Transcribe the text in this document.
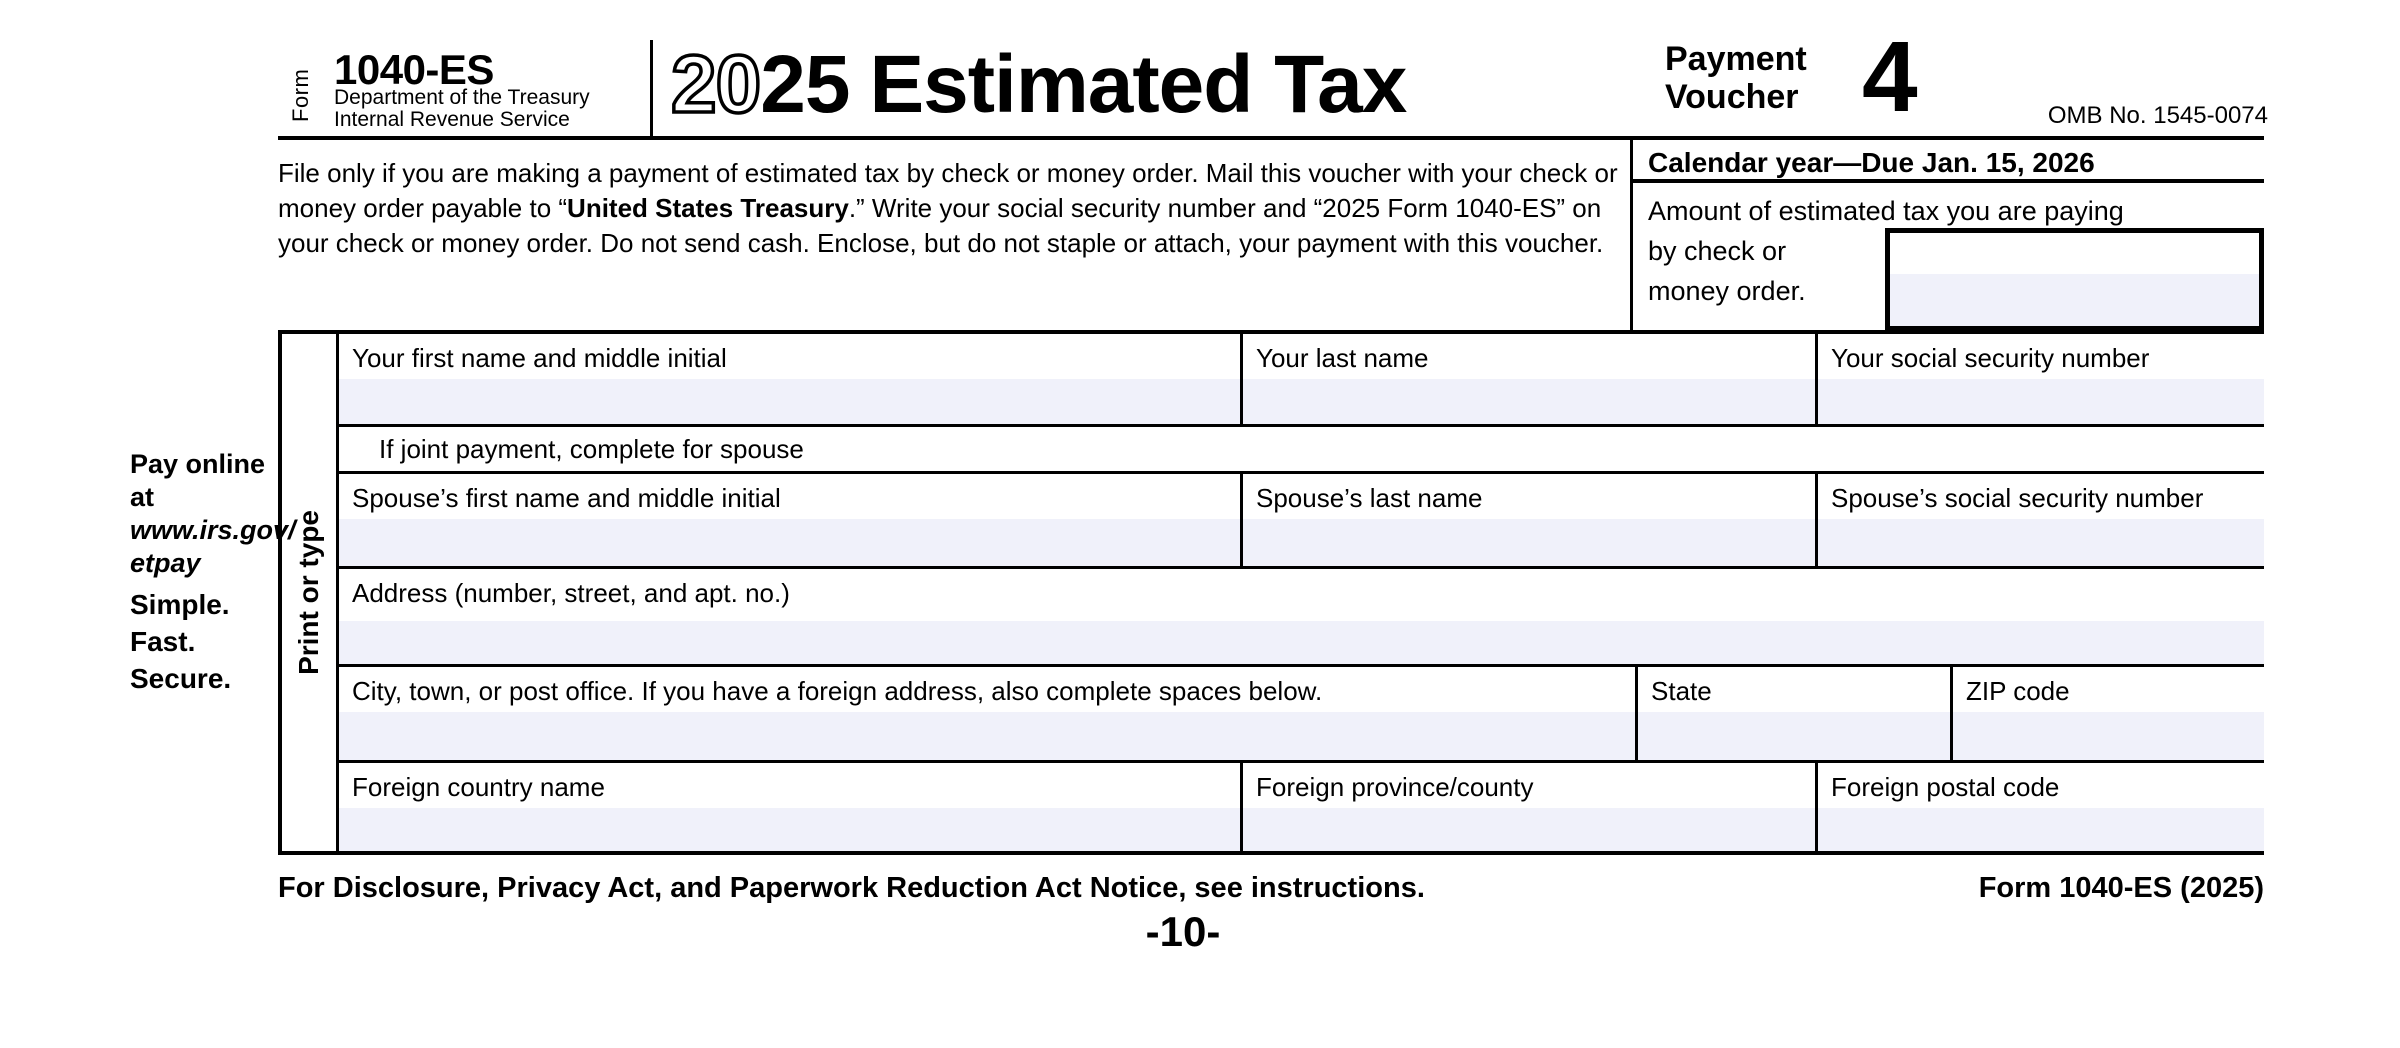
Form 1040-ES
Department of the Treasury
Internal Revenue Service 2025 Estimated Tax	Payment
Voucher 4	OMB No. 1545-0074
File only if you are making a payment of estimated tax by check or money order. Mail this voucher with your check or money order payable to “United States Treasury.” Write your social security number and “2025 Form 1040-ES” on your check or money order. Do not send cash. Enclose, but do not staple or attach, your payment with this voucher.
Calendar year—Due Jan. 15, 2026
Amount of estimated tax you are paying
by check or
money order.
Pay online at
www.irs.gov/
etpay
Simple.
Fast.
Secure.
Print or type
Your first name and middle initial	Your last name	Your social security number
If joint payment, complete for spouse
Spouse’s first name and middle initial	Spouse’s last name	Spouse’s social security number
Address (number, street, and apt. no.)
City, town, or post office. If you have a foreign address, also complete spaces below.	State	ZIP code
Foreign country name	Foreign province/county	Foreign postal code
For Disclosure, Privacy Act, and Paperwork Reduction Act Notice, see instructions.	Form 1040-ES (2025)
-10-
